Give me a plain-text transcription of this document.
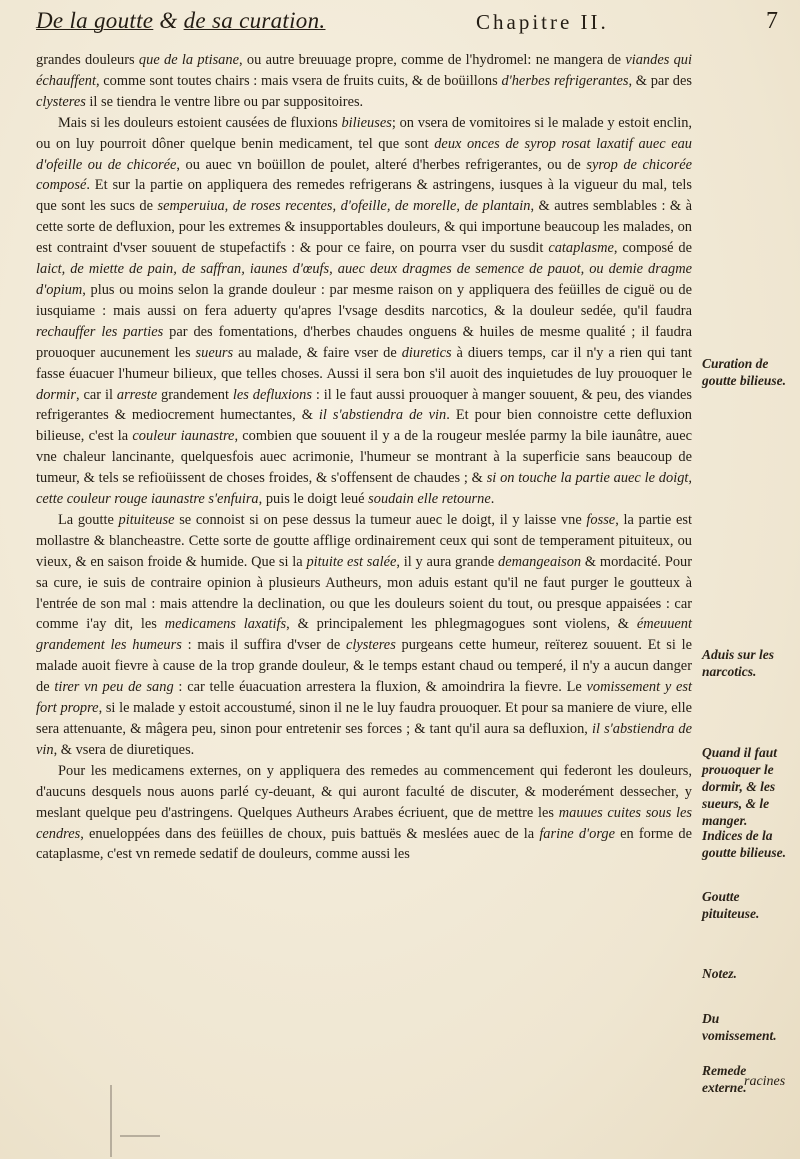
De la goutte & de sa curation.	Chapitre II.	7

grandes douleurs que de la ptisane, ou autre breuuage propre, comme de l'hydromel: ne mangera de viandes qui échauffent, comme sont toutes chairs : mais vsera de fruits cuits, & de boüillons d'herbes refrigerantes, & par des clysteres il se tiendra le ventre libre ou par suppositoires.

Mais si les douleurs estoient causées de fluxions bilieuses; on vsera de vomitoires si le malade y estoit enclin, ou on luy pourroit dôner quelque benin medicament, tel que sont deux onces de syrop rosat laxatif auec eau d'ofeille ou de chicorée, ou auec vn boüillon de poulet, alteré d'herbes refrigerantes, ou de syrop de chicorée composé. Et sur la partie on appliquera des remedes refrigerans & astringens, iusques à la vigueur du mal, tels que sont les sucs de semperuiua, de roses recentes, d'ofeille, de morelle, de plantain, & autres semblables : & à cette sorte de defluxion, pour les extremes & insupportables douleurs, & qui importune beaucoup les malades, on est contraint d'vser souuent de stupefactifs : & pour ce faire, on pourra vser du susdit cataplasme, composé de laict, de miette de pain, de saffran, iaunes d'œufs, auec deux dragmes de semence de pauot, ou demie dragme d'opium, plus ou moins selon la grande douleur : par mesme raison on y appliquera des feüilles de ciguë ou de iusquiame : mais aussi on fera aduerty qu'apres l'vsage desdits narcotics, & la douleur sedée, qu'il faudra rechauffer les parties par des fomentations, d'herbes chaudes onguens & huiles de mesme qualité ; il faudra prouoquer aucunement les sueurs au malade, & faire vser de diuretics à diuers temps, car il n'y a rien qui tant fasse éuacuer l'humeur bilieux, que telles choses. Aussi il sera bon s'il auoit des inquietudes de luy prouoquer le dormir, car il arreste grandement les defluxions : il le faut aussi prouoquer à manger souuent, & peu, des viandes refrigerantes & mediocrement humectantes, & il s'abstiendra de vin. Et pour bien connoistre cette defluxion bilieuse, c'est la couleur iaunastre, combien que souuent il y a de la rougeur meslée parmy la bile iaunâtre, auec vne chaleur lancinante, quelquesfois auec acrimonie, l'humeur se montrant à la superficie sans beaucoup de tumeur, & tels se refioüissent de choses froides, & s'offensent de chaudes ; & si on touche la partie auec le doigt, cette couleur rouge iaunastre s'enfuira, puis le doigt leué soudain elle retourne.

La goutte pituiteuse se connoist si on pese dessus la tumeur auec le doigt, il y laisse vne fosse, la partie est mollastre & blancheastre. Cette sorte de goutte afflige ordinairement ceux qui sont de temperament pituiteux, ou vieux, & en saison froide & humide. Que si la pituite est salée, il y aura grande demangeaison & mordacité. Pour sa cure, ie suis de contraire opinion à plusieurs Autheurs, mon aduis estant qu'il ne faut purger le goutteux à l'entrée de son mal : mais attendre la declination, ou que les douleurs soient du tout, ou presque appaisées : car comme i'ay dit, les medicamens laxatifs, & principalement les phlegmagogues sont violens, & émeuuent grandement les humeurs : mais il suffira d'vser de clysteres purgeans cette humeur, reïterez souuent. Et si le malade auoit fievre à cause de la trop grande douleur, & le temps estant chaud ou temperé, il n'y a aucun danger de tirer vn peu de sang : car telle éuacuation arrestera la fluxion, & amoindrira la fievre. Le vomissement y est fort propre, si le malade y estoit accoustumé, sinon il ne le luy faudra prouoquer. Et pour sa maniere de viure, elle sera attenuante, & mâgera peu, sinon pour entretenir ses forces ; & tant qu'il aura sa defluxion, il s'abstiendra de vin, & vsera de diuretiques.

Pour les medicamens externes, on y appliquera des remedes au commencement qui federont les douleurs, d'aucuns desquels nous auons parlé cy-deuant, & qui auront faculté de discuter, & moderément dessecher, y meslant quelque peu d'astringens. Quelques Autheurs Arabes écriuent, que de mettre les mauues cuites sous les cendres, enueloppées dans des feüilles de choux, puis battuës & meslées auec de la farine d'orge en forme de cataplasme, c'est vn remede sedatif de douleurs, comme aussi les

Curation de goutte bilieuse.
Aduis sur les narcotics.
Quand il faut prouoquer le dormir, & les sueurs, & le manger.
Indices de la goutte bilieuse.
Goutte pituiteuse.
Notez.
Du vomissement.
Remede externe.
racines
